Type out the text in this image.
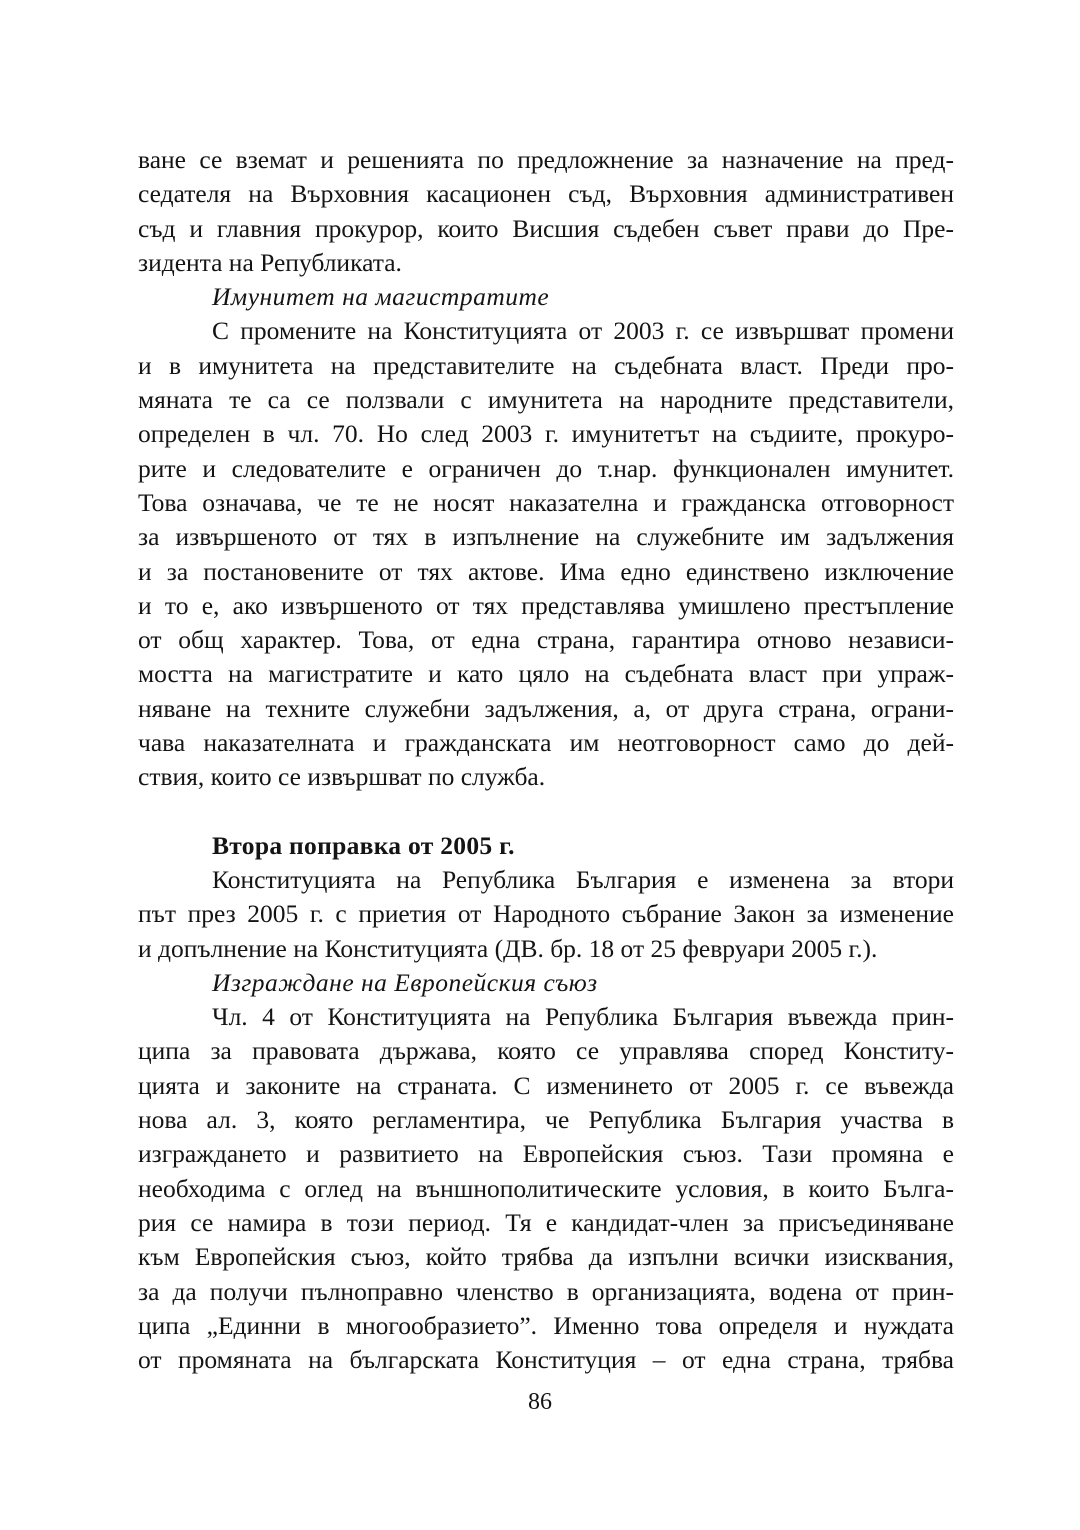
ване се вземат и решенията по предложнение за назначение на пред-
седателя на Върховния касационен съд, Върховния административен
съд и главния прокурор, които Висшия съдебен съвет прави до Пре-
зидента на Републиката.
Имунитет на магистратите
С промените на Конституцията от 2003 г. се извършват промени
и в имунитета на представителите на съдебната власт. Преди про-
мяната те са се ползвали с имунитета на народните представители,
определен в чл. 70. Но след 2003 г. имунитетът на съдиите, прокуро-
рите и следователите е ограничен до т.нар. функционален имунитет.
Това означава, че те не носят наказателна и гражданска отговорност
за извършеното от тях в изпълнение на служебните им задължения
и за постановените от тях актове. Има едно единствено изключение
и то е, ако извършеното от тях представлява умишлено престъпление
от общ характер. Това, от една страна, гарантира отново независи-
мостта на магистратите и като цяло на съдебната власт при упраж-
няване на техните служебни задължения, а, от друга страна, ограни-
чава наказателната и гражданската им неотговорност само до дей-
ствия, които се извършват по служба.
Втора поправка от 2005 г.
Конституцията на Република България е изменена за втори
път през 2005 г. с приетия от Народното събрание Закон за изменение
и допълнение на Конституцията (ДВ. бр. 18 от 25 февруари 2005 г.).
Изграждане на Европейския съюз
Чл. 4 от Конституцията на Република България въвежда прин-
ципа за правовата държава, която се управлява според Конститу-
цията и законите на страната. С изменинето от 2005 г. се въвежда
нова ал. 3, която регламентира, че Република България участва в
изграждането и развитието на Европейския съюз. Тази промяна е
необходима с оглед на външнополитическите условия, в които Бълга-
рия се намира в този период. Тя е кандидат-член за присъединяване
към Европейския съюз, който трябва да изпълни всички изисквания,
за да получи пълноправно членство в организацията, водена от прин-
ципа „Единни в многообразието”. Именно това определя и нуждата
от промяната на българската Конституция – от една страна, трябва
86
